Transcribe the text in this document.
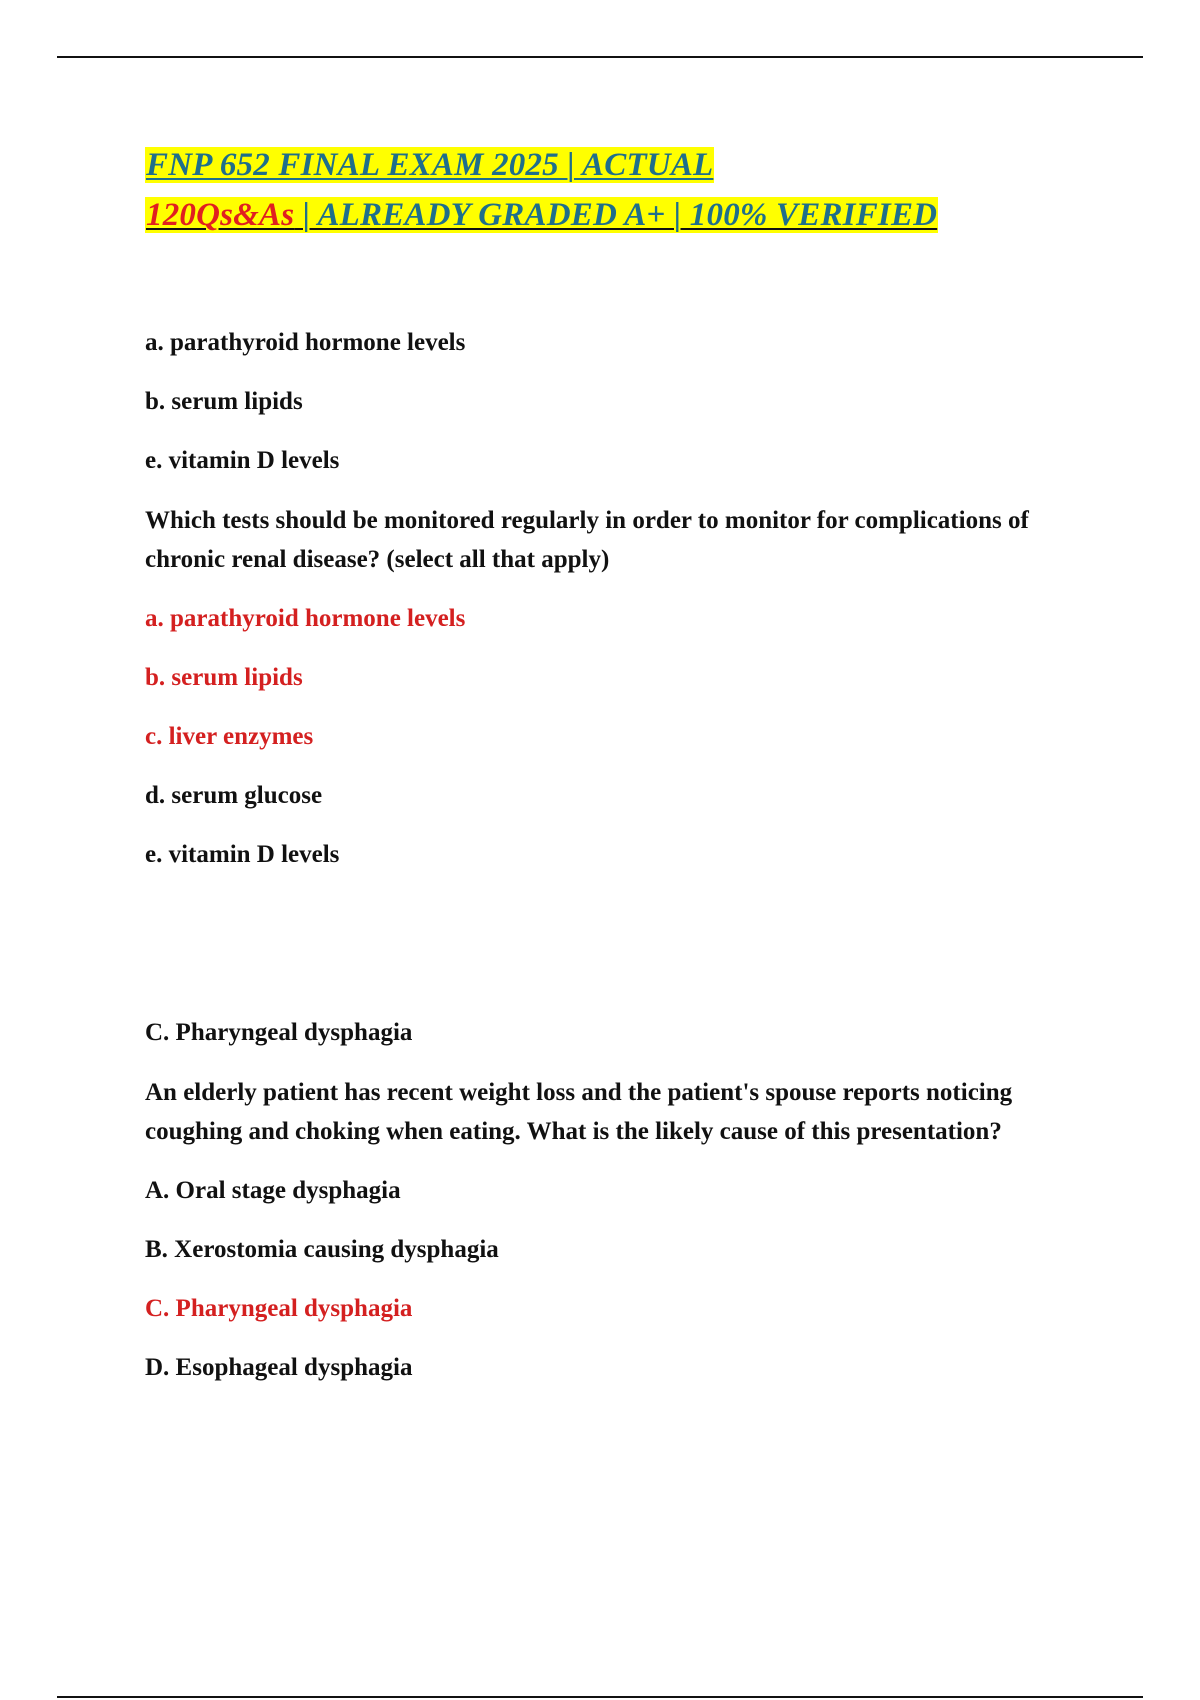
FNP 652 FINAL EXAM 2025 | ACTUAL
120Qs&As | ALREADY GRADED A+ | 100% VERIFIED
a. parathyroid hormone levels
b. serum lipids
e. vitamin D levels
Which tests should be monitored regularly in order to monitor for complications of chronic renal disease? (select all that apply)
a. parathyroid hormone levels
b. serum lipids
c. liver enzymes
d. serum glucose
e. vitamin D levels
C. Pharyngeal dysphagia
An elderly patient has recent weight loss and the patient's spouse reports noticing coughing and choking when eating. What is the likely cause of this presentation?
A. Oral stage dysphagia
B. Xerostomia causing dysphagia
C. Pharyngeal dysphagia
D. Esophageal dysphagia
